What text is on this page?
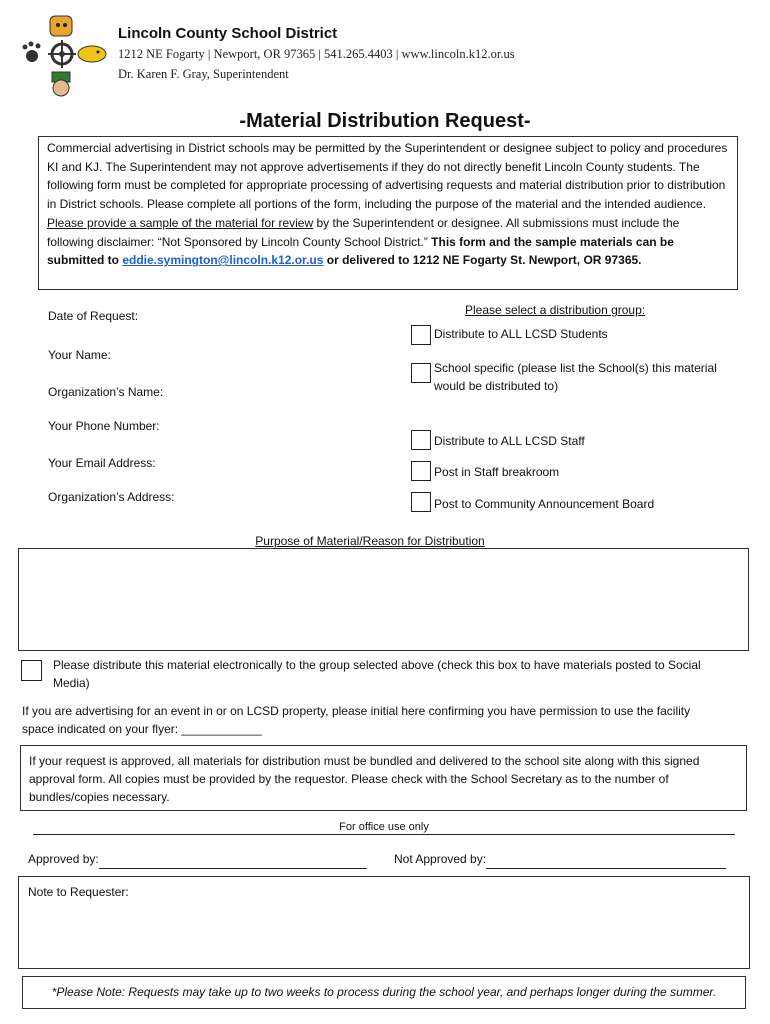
Lincoln County School District
1212 NE Fogarty | Newport, OR 97365 | 541.265.4403 | www.lincoln.k12.or.us
Dr. Karen F. Gray, Superintendent
-Material Distribution Request-
Commercial advertising in District schools may be permitted by the Superintendent or designee subject to policy and procedures KI and KJ. The Superintendent may not approve advertisements if they do not directly benefit Lincoln County students. The following form must be completed for appropriate processing of advertising requests and material distribution prior to distribution in District schools. Please complete all portions of the form, including the purpose of the material and the intended audience. Please provide a sample of the material for review by the Superintendent or designee. All submissions must include the following disclaimer: “Not Sponsored by Lincoln County School District.” This form and the sample materials can be submitted to eddie.symington@lincoln.k12.or.us or delivered to 1212 NE Fogarty St. Newport, OR 97365.
Date of Request:
Your Name:
Organization’s Name:
Your Phone Number:
Your Email Address:
Organization’s Address:
Please select a distribution group:
Distribute to ALL LCSD Students
School specific (please list the School(s) this material would be distributed to)
Distribute to ALL LCSD Staff
Post in Staff breakroom
Post to Community Announcement Board
Purpose of Material/Reason for Distribution
Please distribute this material electronically to the group selected above (check this box to have materials posted to Social Media)
If you are advertising for an event in or on LCSD property, please initial here confirming you have permission to use the facility space indicated on your flyer: ____________
If your request is approved, all materials for distribution must be bundled and delivered to the school site along with this signed approval form. All copies must be provided by the requestor. Please check with the School Secretary as to the number of bundles/copies necessary.
For office use only
Approved by:	Not Approved by:
Note to Requester:
*Please Note: Requests may take up to two weeks to process during the school year, and perhaps longer during the summer.
